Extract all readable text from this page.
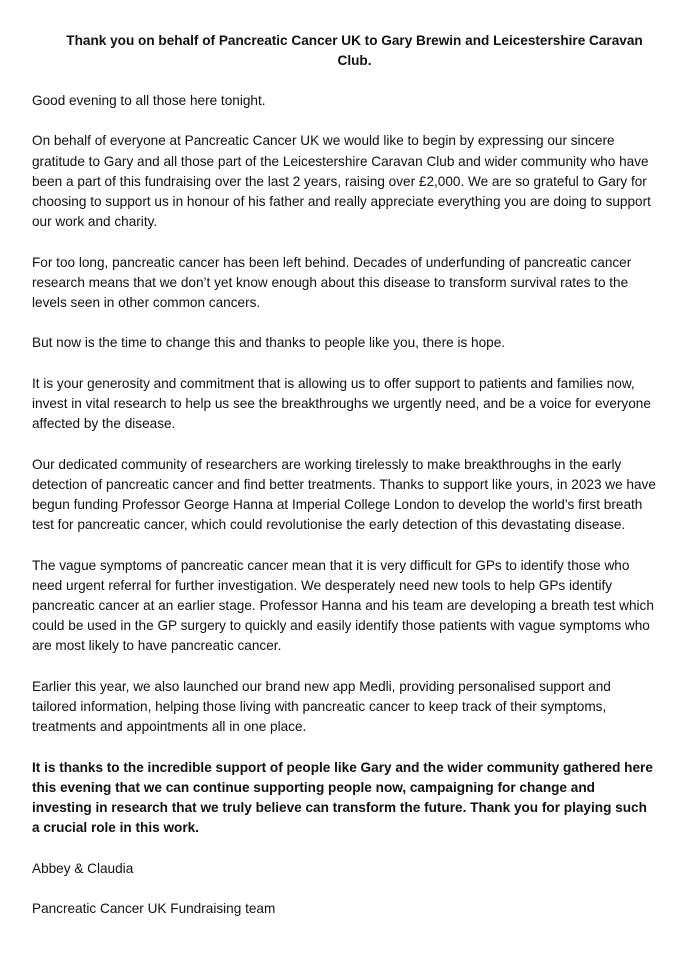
Thank you on behalf of Pancreatic Cancer UK to Gary Brewin and Leicestershire Caravan Club.

Good evening to all those here tonight.

On behalf of everyone at Pancreatic Cancer UK we would like to begin by expressing our sincere gratitude to Gary and all those part of the Leicestershire Caravan Club and wider community who have been a part of this fundraising over the last 2 years, raising over £2,000. We are so grateful to Gary for choosing to support us in honour of his father and really appreciate everything you are doing to support our work and charity.

For too long, pancreatic cancer has been left behind. Decades of underfunding of pancreatic cancer research means that we don’t yet know enough about this disease to transform survival rates to the levels seen in other common cancers.

But now is the time to change this and thanks to people like you, there is hope.

It is your generosity and commitment that is allowing us to offer support to patients and families now, invest in vital research to help us see the breakthroughs we urgently need, and be a voice for everyone affected by the disease.

Our dedicated community of researchers are working tirelessly to make breakthroughs in the early detection of pancreatic cancer and find better treatments. Thanks to support like yours, in 2023 we have begun funding Professor George Hanna at Imperial College London to develop the world’s first breath test for pancreatic cancer, which could revolutionise the early detection of this devastating disease.

The vague symptoms of pancreatic cancer mean that it is very difficult for GPs to identify those who need urgent referral for further investigation. We desperately need new tools to help GPs identify pancreatic cancer at an earlier stage. Professor Hanna and his team are developing a breath test which could be used in the GP surgery to quickly and easily identify those patients with vague symptoms who are most likely to have pancreatic cancer.

Earlier this year, we also launched our brand new app Medli, providing personalised support and tailored information, helping those living with pancreatic cancer to keep track of their symptoms, treatments and appointments all in one place.

It is thanks to the incredible support of people like Gary and the wider community gathered here this evening that we can continue supporting people now, campaigning for change and investing in research that we truly believe can transform the future. Thank you for playing such a crucial role in this work.

Abbey & Claudia

Pancreatic Cancer UK Fundraising team
